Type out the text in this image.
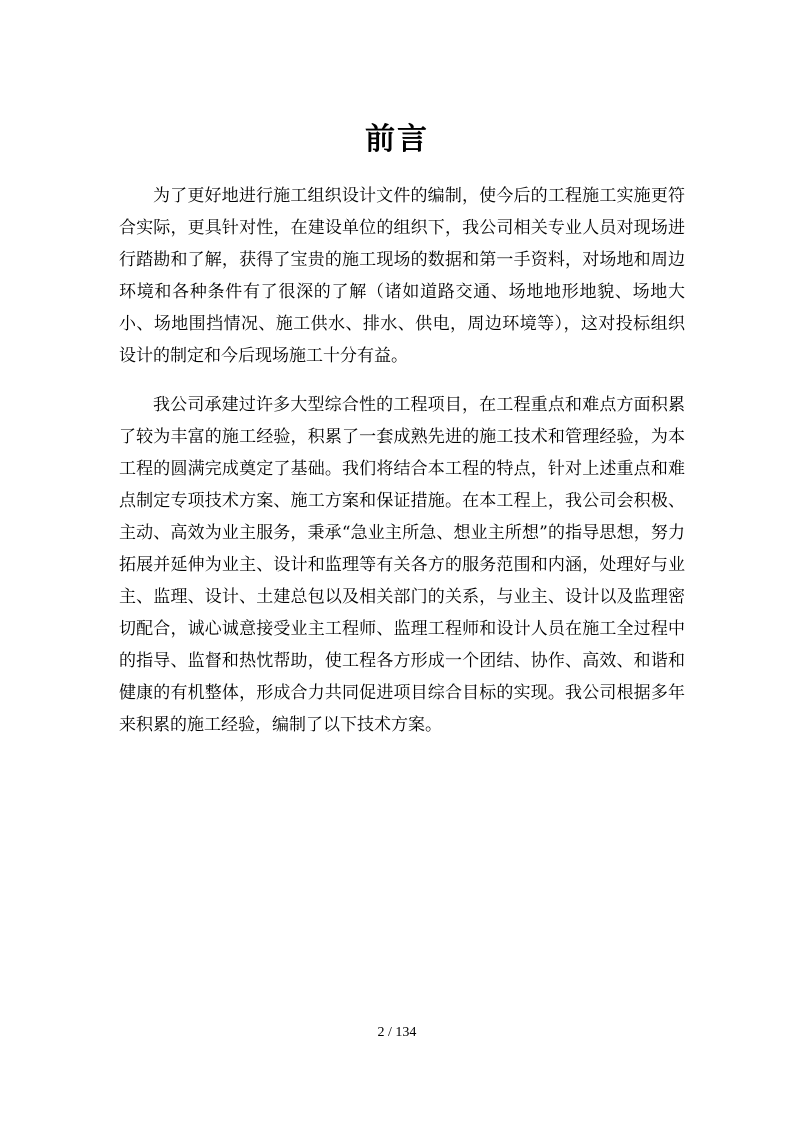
前言

为了更好地进行施工组织设计文件的编制，使今后的工程施工实施更符合实际，更具针对性，在建设单位的组织下，我公司相关专业人员对现场进行踏勘和了解，获得了宝贵的施工现场的数据和第一手资料，对场地和周边环境和各种条件有了很深的了解（诸如道路交通、场地地形地貌、场地大小、场地围挡情况、施工供水、排水、供电，周边环境等），这对投标组织设计的制定和今后现场施工十分有益。

我公司承建过许多大型综合性的工程项目，在工程重点和难点方面积累了较为丰富的施工经验，积累了一套成熟先进的施工技术和管理经验，为本工程的圆满完成奠定了基础。我们将结合本工程的特点，针对上述重点和难点制定专项技术方案、施工方案和保证措施。在本工程上，我公司会积极、主动、高效为业主服务，秉承“急业主所急、想业主所想”的指导思想，努力拓展并延伸为业主、设计和监理等有关各方的服务范围和内涵，处理好与业主、监理、设计、土建总包以及相关部门的关系，与业主、设计以及监理密切配合，诚心诚意接受业主工程师、监理工程师和设计人员在施工全过程中的指导、监督和热忱帮助，使工程各方形成一个团结、协作、高效、和谐和健康的有机整体，形成合力共同促进项目综合目标的实现。我公司根据多年来积累的施工经验，编制了以下技术方案。

2 / 134
